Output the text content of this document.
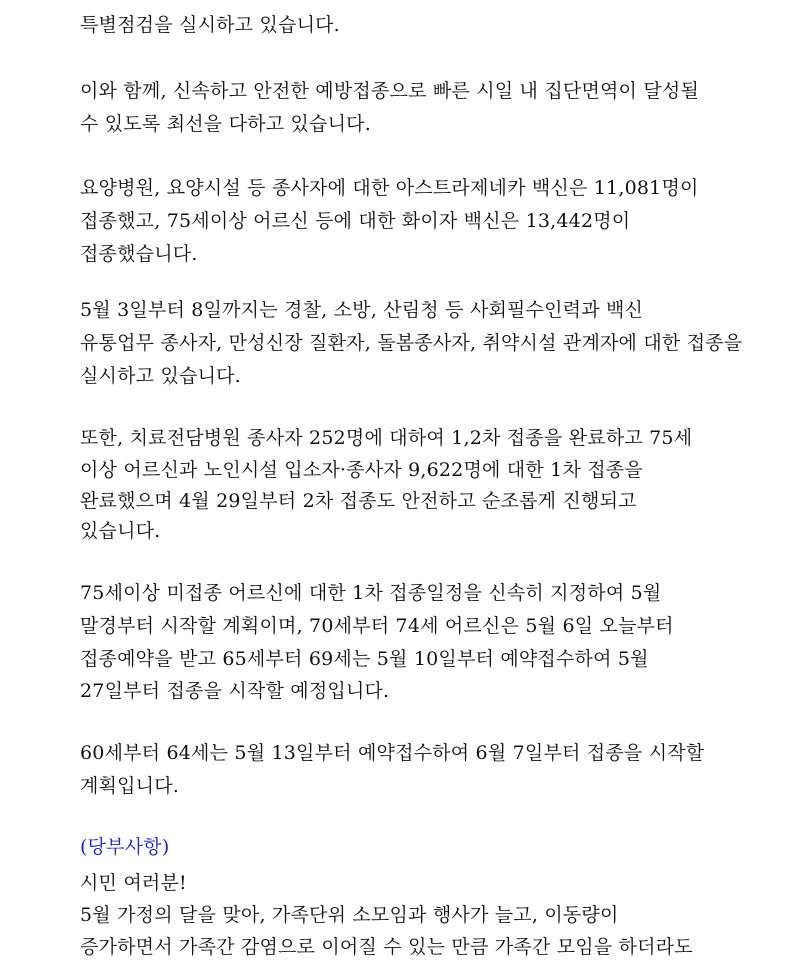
특별점검을 실시하고 있습니다.
이와 함께, 신속하고 안전한 예방접종으로 빠른 시일 내 집단면역이 달성될
수 있도록 최선을 다하고 있습니다.
요양병원, 요양시설 등 종사자에 대한 아스트라제네카 백신은 11,081명이
접종했고, 75세이상 어르신 등에 대한 화이자 백신은 13,442명이
접종했습니다.
5월 3일부터 8일까지는 경찰, 소방, 산림청 등 사회필수인력과 백신
유통업무 종사자, 만성신장 질환자, 돌봄종사자, 취약시설 관계자에 대한 접종을
실시하고 있습니다.
또한, 치료전담병원 종사자 252명에 대하여 1,2차 접종을 완료하고 75세
이상 어르신과 노인시설 입소자·종사자 9,622명에 대한 1차 접종을
완료했으며 4월 29일부터 2차 접종도 안전하고 순조롭게 진행되고
있습니다.
75세이상 미접종 어르신에 대한 1차 접종일정을 신속히 지정하여 5월
말경부터 시작할 계획이며, 70세부터 74세 어르신은 5월 6일 오늘부터
접종예약을 받고 65세부터 69세는 5월 10일부터 예약접수하여 5월
27일부터 접종을 시작할 예정입니다.
60세부터 64세는 5월 13일부터 예약접수하여 6월 7일부터 접종을 시작할
계획입니다.
(당부사항)
시민 여러분!
5월 가정의 달을 맞아, 가족단위 소모임과 행사가 늘고, 이동량이
증가하면서 가족간 감염으로 이어질 수 있는 만큼 가족간 모임을 하더라도
